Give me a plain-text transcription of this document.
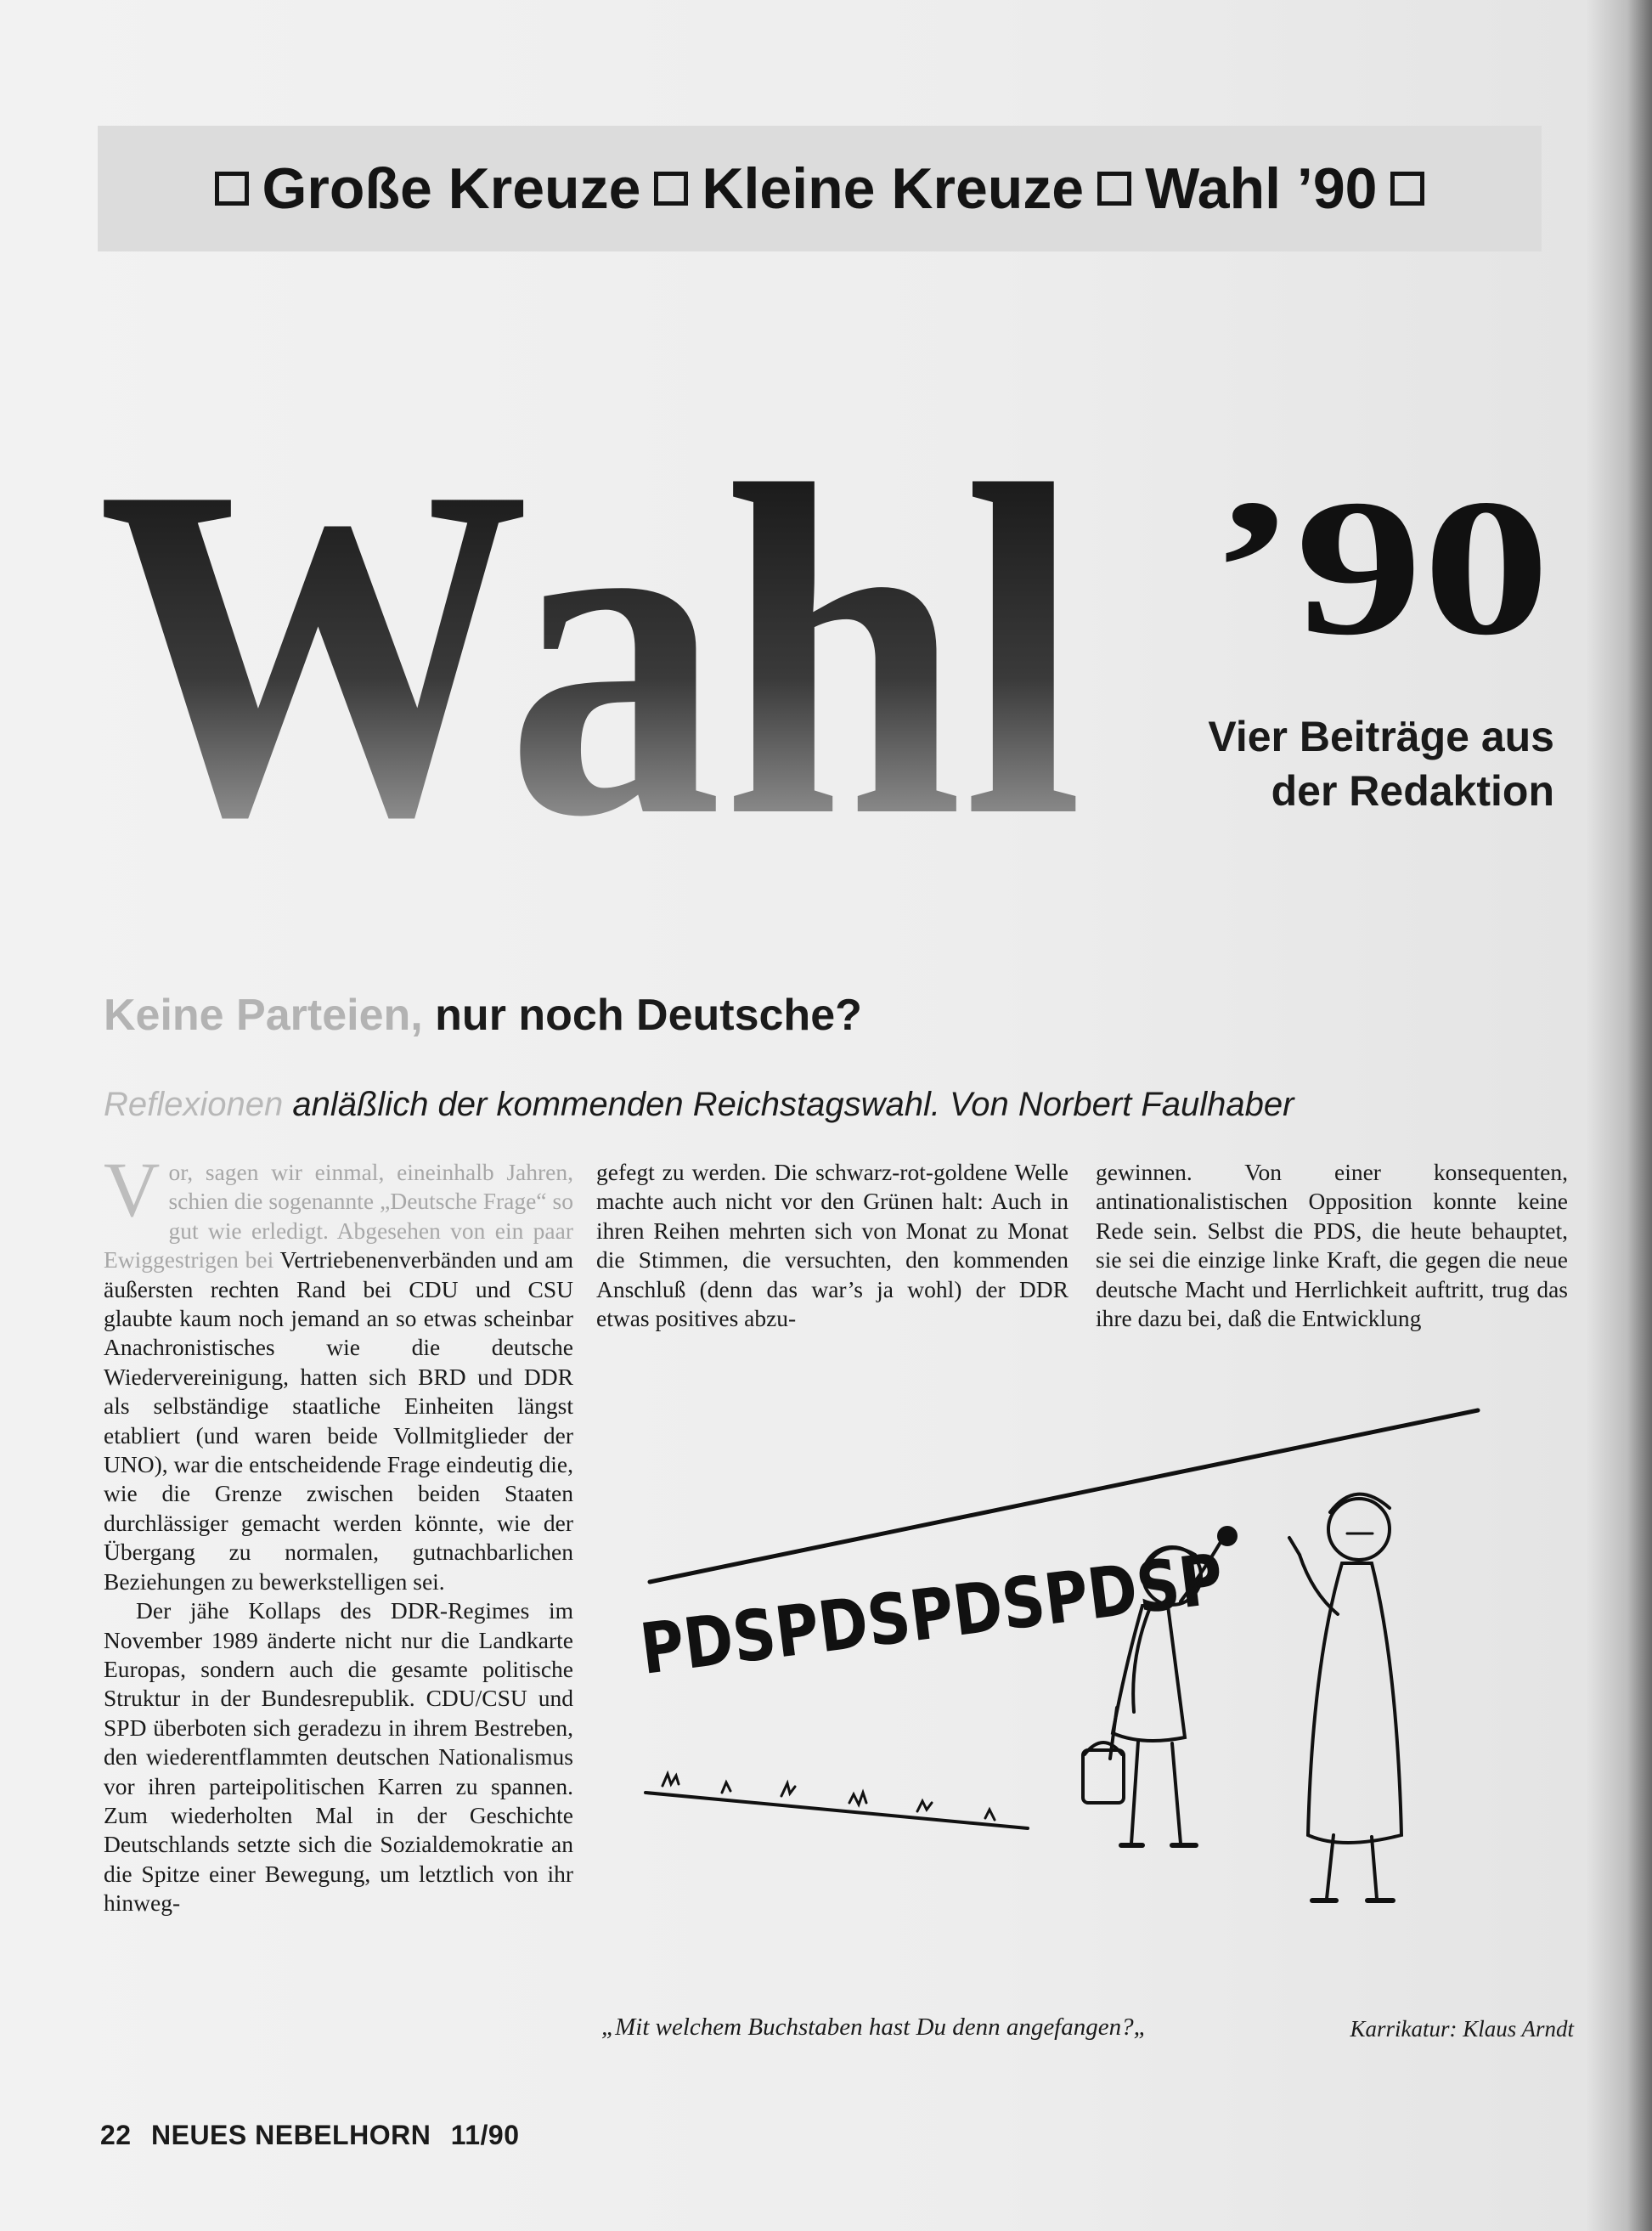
Große Kreuze Kleine Kreuze Wahl ’90
Wahl ’90
Vier Beiträge aus
der Redaktion
Keine Parteien, nur noch Deutsche?
Reflexionen anläßlich der kommenden Reichstagswahl. Von Norbert Faulhaber

Vor, sagen wir einmal, eineinhalb Jahren, schien die sogenannte „Deutsche Frage“ so gut wie erledigt. Abgesehen von ein paar Ewiggestrigen bei Vertriebenenverbänden und am äußersten rechten Rand bei CDU und CSU glaubte kaum noch jemand an so etwas scheinbar Anachronistisches wie die deutsche Wiedervereinigung, hatten sich BRD und DDR als selbständige staatliche Einheiten längst etabliert (und waren beide Vollmitglieder der UNO), war die entscheidende Frage eindeutig die, wie die Grenze zwischen beiden Staaten durchlässiger gemacht werden könnte, wie der Übergang zu normalen, gutnachbarlichen Beziehungen zu bewerkstelligen sei.

Der jähe Kollaps des DDR-Regimes im November 1989 änderte nicht nur die Landkarte Europas, sondern auch die gesamte politische Struktur in der Bundesrepublik. CDU/CSU und SPD überboten sich geradezu in ihrem Bestreben, den wiederentflammten deutschen Nationalismus vor ihren parteipolitischen Karren zu spannen. Zum wiederholten Mal in der Geschichte Deutschlands setzte sich die Sozialdemokratie an die Spitze einer Bewegung, um letztlich von ihr hinweg-

gefegt zu werden. Die schwarz-rot-goldene Welle machte auch nicht vor den Grünen halt: Auch in ihren Reihen mehrten sich von Monat zu Monat die Stimmen, die versuchten, den kommenden Anschluß (denn das war’s ja wohl) der DDR etwas positives abzu-

gewinnen. Von einer konsequenten, antinationalistischen Opposition konnte keine Rede sein. Selbst die PDS, die heute behauptet, sie sei die einzige linke Kraft, die gegen die neue deutsche Macht und Herrlichkeit auftritt, trug das ihre dazu bei, daß die Entwicklung

PDSPDSPDSPDSP
„Mit welchem Buchstaben hast Du denn angefangen?„	Karrikatur: Klaus Arndt
22 NEUES NEBELHORN 11/90
